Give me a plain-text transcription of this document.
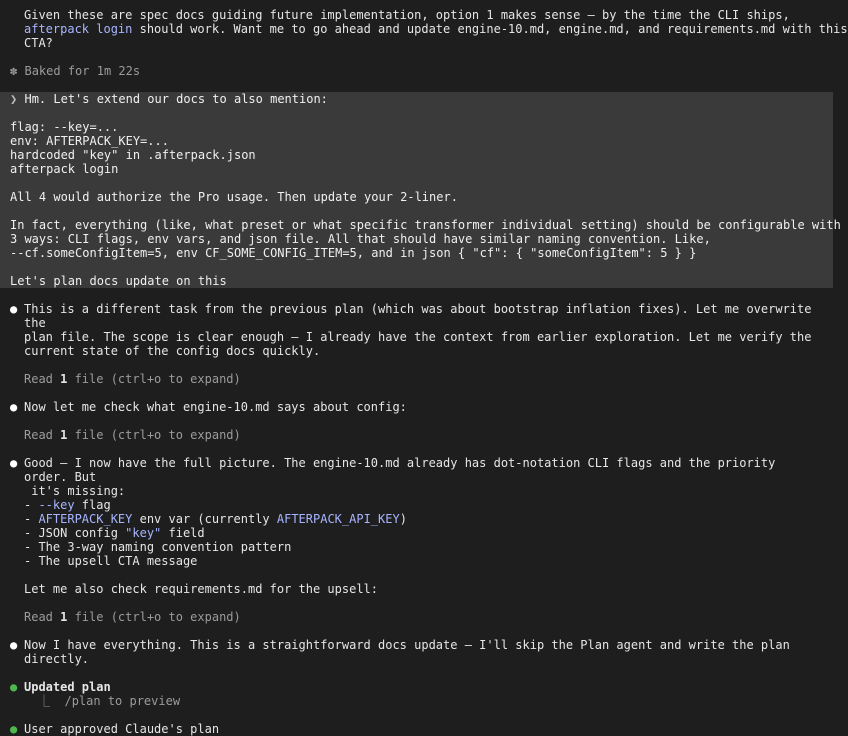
Given these are spec docs guiding future implementation, option 1 makes sense — by the time the CLI ships,
afterpack login should work. Want me to go ahead and update engine-10.md, engine.md, and requirements.md with this
CTA?
✽ Baked for 1m 22s
❯ Hm. Let's extend our docs to also mention:
flag: --key=...
env: AFTERPACK_KEY=...
hardcoded "key" in .afterpack.json
afterpack login
All 4 would authorize the Pro usage. Then update your 2-liner.
In fact, everything (like, what preset or what specific transformer individual setting) should be configurable with
3 ways: CLI flags, env vars, and json file. All that should have similar naming convention. Like,
--cf.someConfigItem=5, env CF_SOME_CONFIG_ITEM=5, and in json { "cf": { "someConfigItem": 5 } }
Let's plan docs update on this
● This is a different task from the previous plan (which was about bootstrap inflation fixes). Let me overwrite the
plan file. The scope is clear enough — I already have the context from earlier exploration. Let me verify the
current state of the config docs quickly.
Read 1 file (ctrl+o to expand)
● Now let me check what engine-10.md says about config:
Read 1 file (ctrl+o to expand)
● Good — I now have the full picture. The engine-10.md already has dot-notation CLI flags and the priority order. But
it's missing:
- --key flag
- AFTERPACK_KEY env var (currently AFTERPACK_API_KEY)
- JSON config "key" field
- The 3-way naming convention pattern
- The upsell CTA message
Let me also check requirements.md for the upsell:
Read 1 file (ctrl+o to expand)
● Now I have everything. This is a straightforward docs update — I'll skip the Plan agent and write the plan
directly.
● Updated plan
⎿  /plan to preview
● User approved Claude's plan
